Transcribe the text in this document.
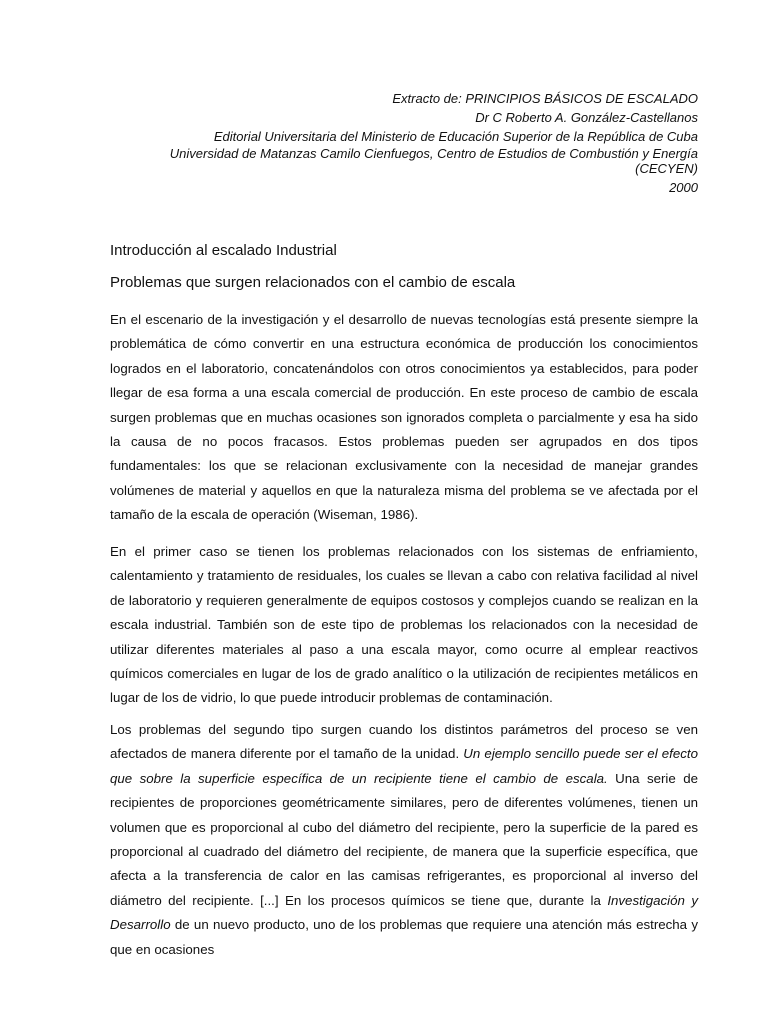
Extracto de: PRINCIPIOS BÁSICOS DE ESCALADO
Dr C Roberto A. González-Castellanos
Editorial Universitaria del Ministerio de Educación Superior de la República de Cuba
Universidad de Matanzas Camilo Cienfuegos, Centro de Estudios de Combustión y Energía
(CECYEN)
2000
Introducción al escalado Industrial
Problemas que surgen relacionados con el cambio de escala

En el escenario de la investigación y el desarrollo de nuevas tecnologías está presente siempre la problemática de cómo convertir en una estructura económica de producción los conocimientos logrados en el laboratorio, concatenándolos con otros conocimientos ya establecidos, para poder llegar de esa forma a una escala comercial de producción. En este proceso de cambio de escala surgen problemas que en muchas ocasiones son ignorados completa o parcialmente y esa ha sido la causa de no pocos fracasos. Estos problemas pueden ser agrupados en dos tipos fundamentales: los que se relacionan exclusivamente con la necesidad de manejar grandes volúmenes de material y aquellos en que la naturaleza misma del problema se ve afectada por el tamaño de la escala de operación (Wiseman, 1986).

En el primer caso se tienen los problemas relacionados con los sistemas de enfriamiento, calentamiento y tratamiento de residuales, los cuales se llevan a cabo con relativa facilidad al nivel de laboratorio y requieren generalmente de equipos costosos y complejos cuando se realizan en la escala industrial. También son de este tipo de problemas los relacionados con la necesidad de utilizar diferentes materiales al paso a una escala mayor, como ocurre al emplear reactivos químicos comerciales en lugar de los de grado analítico o la utilización de recipientes metálicos en lugar de los de vidrio, lo que puede introducir problemas de contaminación.

Los problemas del segundo tipo surgen cuando los distintos parámetros del proceso se ven afectados de manera diferente por el tamaño de la unidad. Un ejemplo sencillo puede ser el efecto que sobre la superficie específica de un recipiente tiene el cambio de escala. Una serie de recipientes de proporciones geométricamente similares, pero de diferentes volúmenes, tienen un volumen que es proporcional al cubo del diámetro del recipiente, pero la superficie de la pared es proporcional al cuadrado del diámetro del recipiente, de manera que la superficie específica, que afecta a la transferencia de calor en las camisas refrigerantes, es proporcional al inverso del diámetro del recipiente. [...] En los procesos químicos se tiene que, durante la Investigación y Desarrollo de un nuevo producto, uno de los problemas que requiere una atención más estrecha y que en ocasiones
